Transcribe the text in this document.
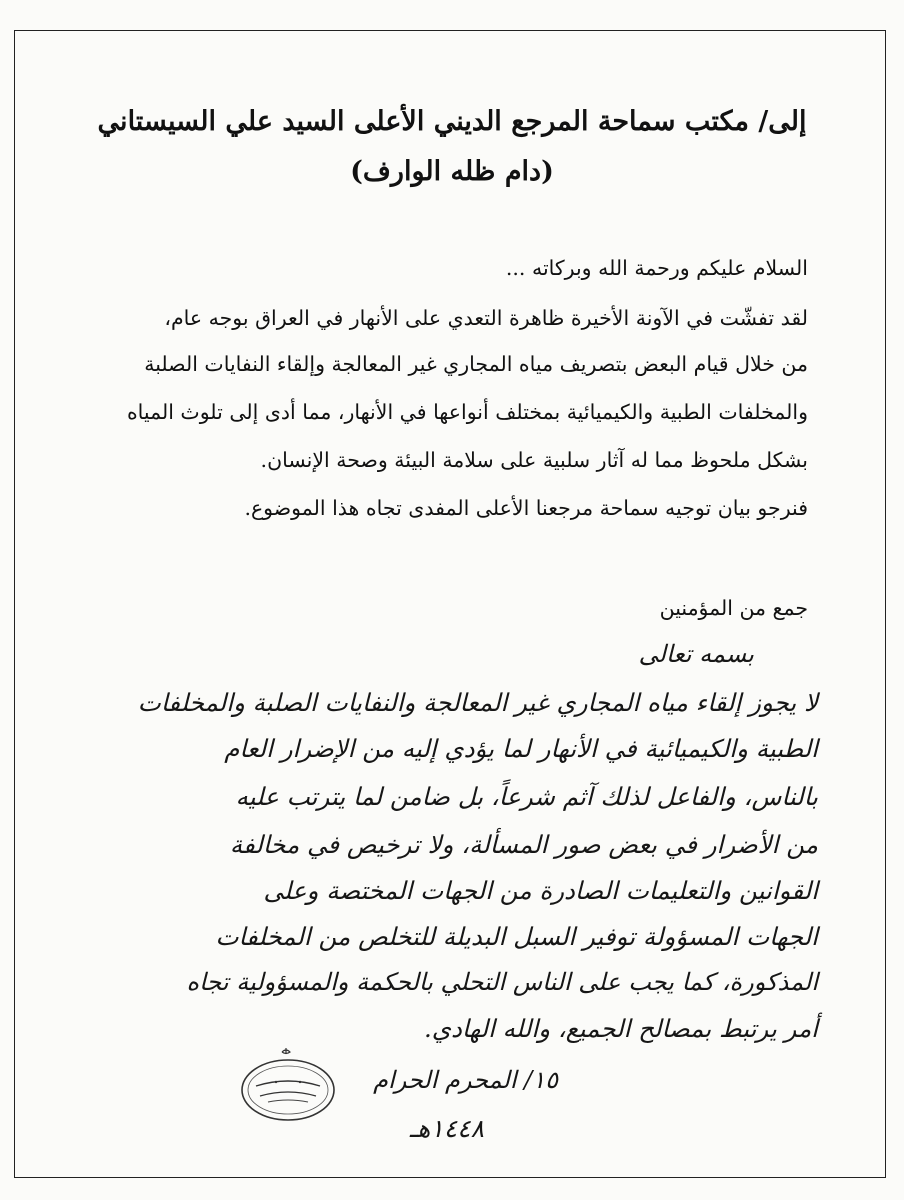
إلى/ مكتب سماحة المرجع الديني الأعلى السيد علي السيستاني

(دام ظله الوارف)

السلام عليكم ورحمة الله وبركاته ...

لقد تفشّت في الآونة الأخيرة ظاهرة التعدي على الأنهار في العراق بوجه عام،

من خلال قيام البعض بتصريف مياه المجاري غير المعالجة وإلقاء النفايات الصلبة

والمخلفات الطبية والكيميائية بمختلف أنواعها في الأنهار، مما أدى إلى تلوث المياه

بشكل ملحوظ مما له آثار سلبية على سلامة البيئة وصحة الإنسان.

فنرجو بيان توجيه سماحة مرجعنا الأعلى المفدى تجاه هذا الموضوع.

جمع من المؤمنين

بسمه تعالى

لا يجوز إلقاء مياه المجاري غير المعالجة والنفايات الصلبة والمخلفات

الطبية والكيميائية في الأنهار لما يؤدي إليه من الإضرار العام

بالناس، والفاعل لذلك آثم شرعاً، بل ضامن لما يترتب عليه

من الأضرار في بعض صور المسألة، ولا ترخيص في مخالفة

القوانين والتعليمات الصادرة من الجهات المختصة وعلى

الجهات المسؤولة توفير السبل البديلة للتخلص من المخلفات

المذكورة، كما يجب على الناس التحلي بالحكمة والمسؤولية تجاه

أمر يرتبط بمصالح الجميع، والله الهادي.

١٥/ المحرم الحرام

١٤٤٨هـ
